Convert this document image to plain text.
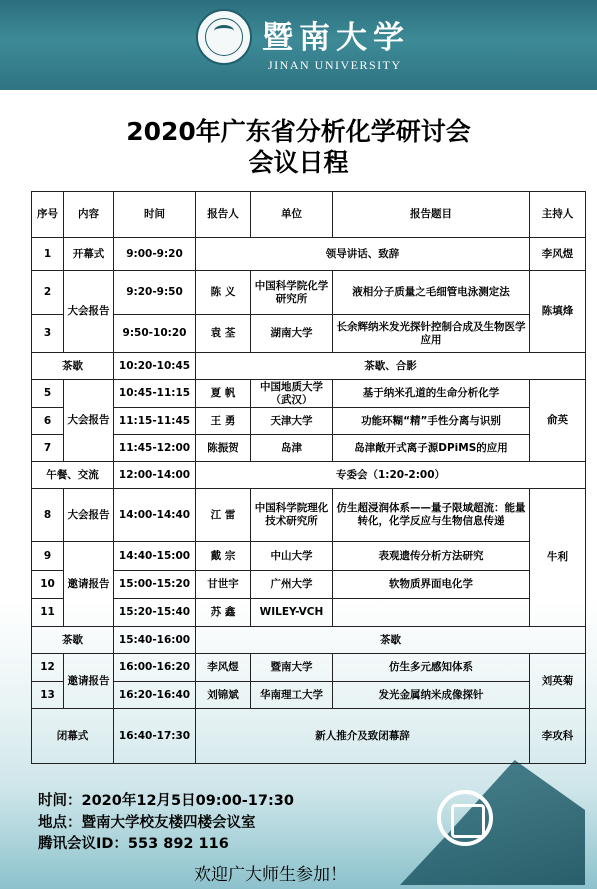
暨南大学
JINAN UNIVERSITY
2020年广东省分析化学研讨会
会议日程
序号	内容	时间	报告人	单位	报告题目	主持人
1	开幕式	9:00-9:20	领导讲话、致辞			李风煜
2	大会报告	9:20-9:50	陈 义	中国科学院化学研究所	液相分子质量之毛细管电泳测定法	陈填烽
3		9:50-10:20	袁 荃	湖南大学	长余辉纳米发光探针控制合成及生物医学应用	
茶歇		10:20-10:45	茶歇、合影			
5	大会报告	10:45-11:15	夏 帆	中国地质大学（武汉）	基于纳米孔道的生命分析化学	俞英
6		11:15-11:45	王 勇	天津大学	功能环糊“精”手性分离与识别	
7		11:45-12:00	陈振贺	岛津	岛津敞开式离子源DPiMS的应用	
午餐、交流		12:00-14:00	专委会（1:20-2:00）			
8	大会报告	14:00-14:40	江 雷	中国科学院理化技术研究所	仿生超浸润体系——量子限域超流：能量转化，化学反应与生物信息传递	牛利
9	邀请报告	14:40-15:00	戴 宗	中山大学	表观遗传分析方法研究	
10		15:00-15:20	甘世宇	广州大学	软物质界面电化学	
11		15:20-15:40	苏 鑫	WILEY-VCH		
茶歇		15:40-16:00	茶歇			
12	邀请报告	16:00-16:20	李风煜	暨南大学	仿生多元感知体系	刘英菊
13		16:20-16:40	刘锦斌	华南理工大学	发光金属纳米成像探针	
闭幕式		16:40-17:30	新人推介及致闭幕辞			李攻科
时间：2020年12月5日09:00-17:30
地点：暨南大学校友楼四楼会议室
腾讯会议ID：553 892 116
欢迎广大师生参加！
